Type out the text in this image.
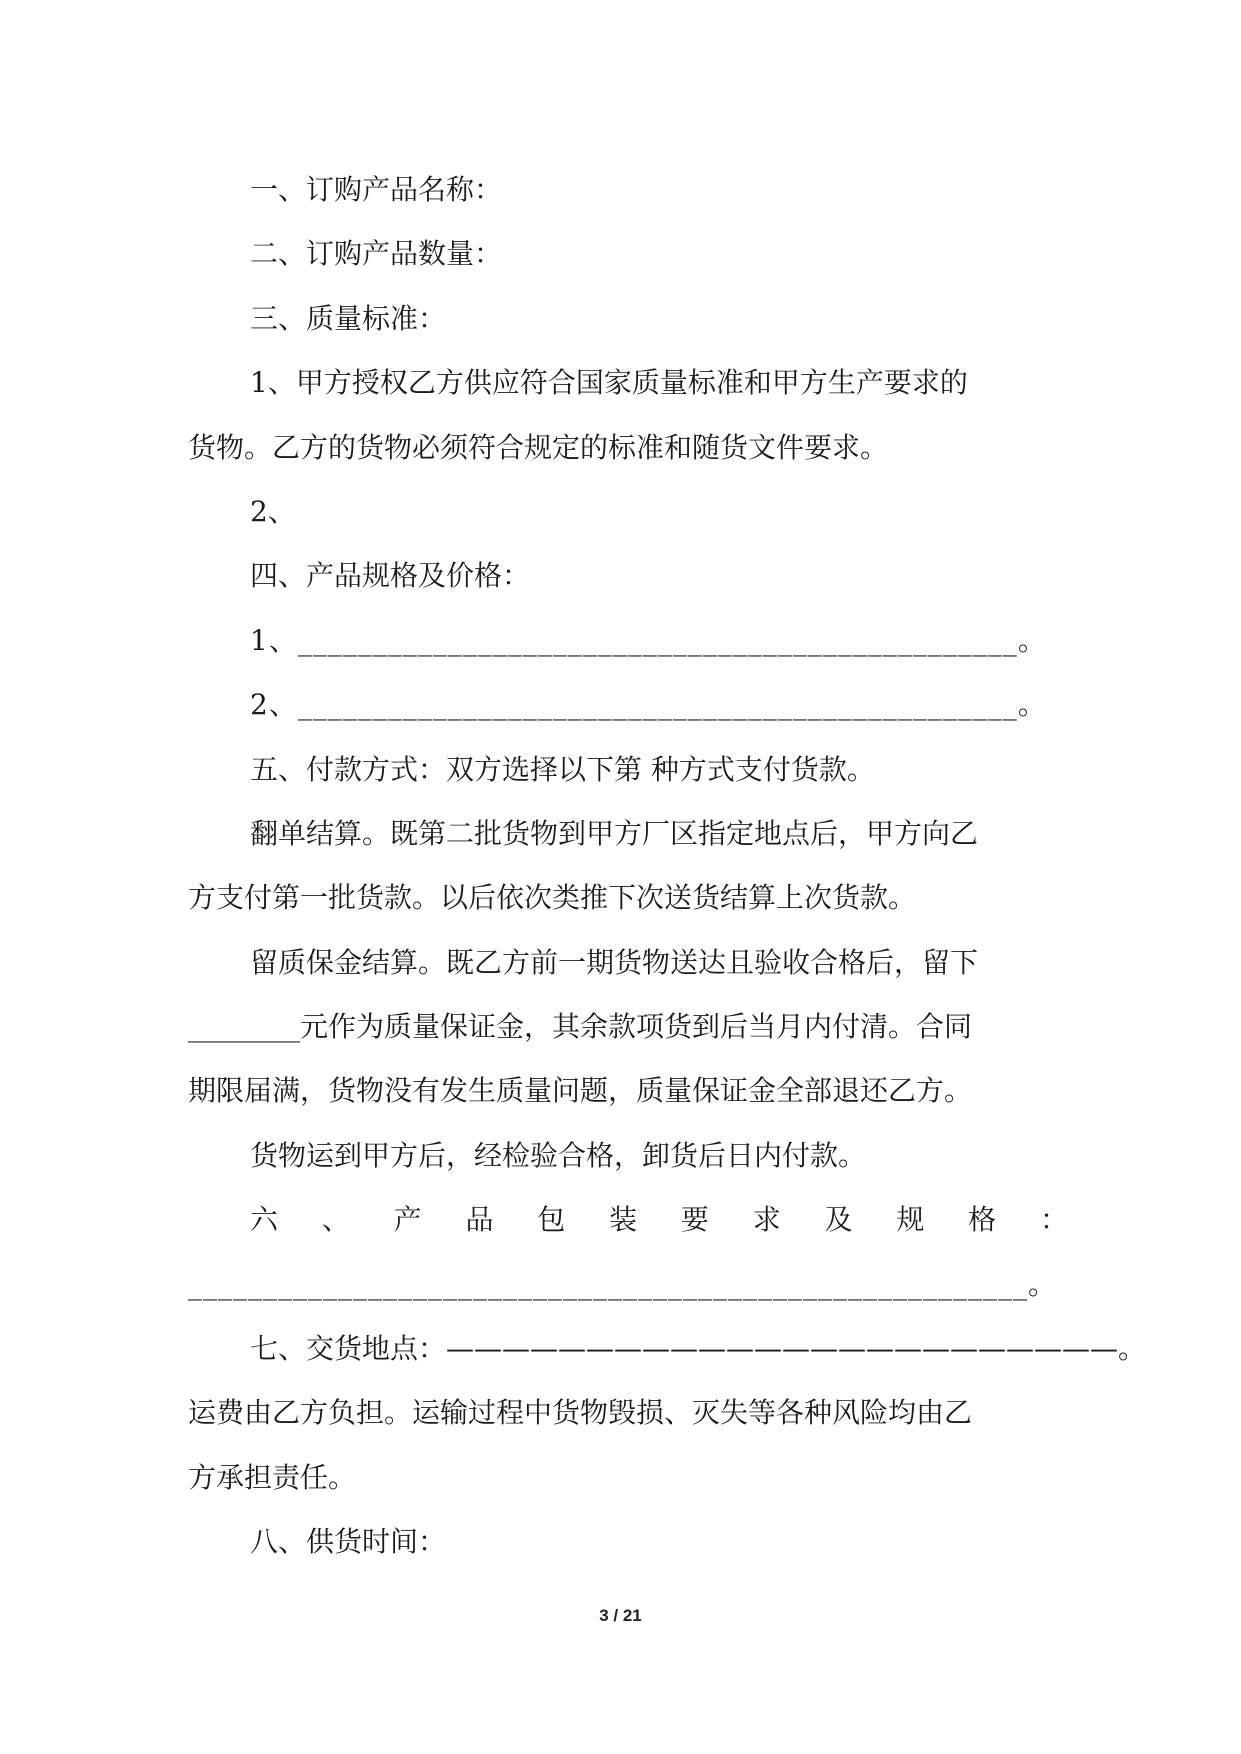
一、订购产品名称：
二、订购产品数量：
三、质量标准：
1、甲方授权乙方供应符合国家质量标准和甲方生产要求的
货物。乙方的货物必须符合规定的标准和随货文件要求。
2、
四、产品规格及价格：
1、________________________________________________。
2、________________________________________________。
五、付款方式：双方选择以下第 种方式支付货款。
翻单结算。既第二批货物到甲方厂区指定地点后，甲方向乙
方支付第一批货款。以后依次类推下次送货结算上次货款。
留质保金结算。既乙方前一期货物送达且验收合格后，留下
________元作为质量保证金，其余款项货到后当月内付清。合同
期限届满，货物没有发生质量问题，质量保证金全部退还乙方。
货物运到甲方后，经检验合格，卸货后日内付款。
六 、 产 品 包 装 要 求 及 规 格 ：
________________________________________________________。
七、交货地点：————————————————————————。
运费由乙方负担。运输过程中货物毁损、灭失等各种风险均由乙
方承担责任。
八、供货时间：
3 / 21
